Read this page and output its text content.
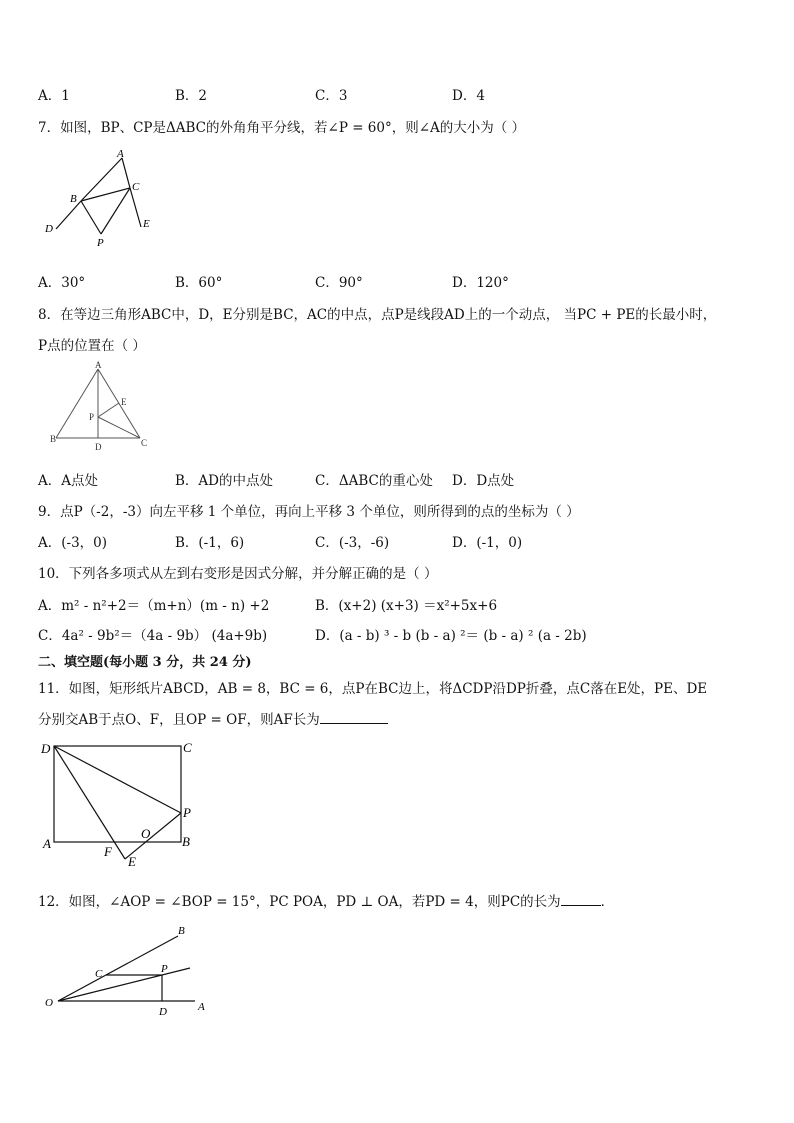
A．1	B．2	C．3	D．4
7．如图，BP、CP是ΔABC的外角角平分线，若∠P = 60°，则∠A的大小为（ ）
A
B
C
D	E
P
A．30°	B．60°	C．90°	D．120°
8．在等边三角形ABC中，D，E分别是BC，AC的中点，点P是线段AD上的一个动点， 当PC + PE的长最小时，
P点的位置在（ ）
A
B	C
D
E
P
A．A点处	B．AD的中点处	C．ΔABC的重心处 D．D点处
9．点P（-2，-3）向左平移 1 个单位，再向上平移 3 个单位，则所得到的点的坐标为（ ）
A．(-3，0)	B．(-1，6)	C．(-3，-6)	D．(-1，0)
10．下列各多项式从左到右变形是因式分解，并分解正确的是（ ）
A．m² - n²+2＝（m+n）(m - n) +2	B．(x+2) (x+3) ＝x²+5x+6
C．4a² - 9b²＝（4a - 9b） (4a+9b)	D．(a - b) ³ - b (b - a) ²＝ (b - a) ² (a - 2b)
二、填空题(每小题 3 分，共 24 分)
11．如图，矩形纸片ABCD，AB = 8，BC = 6，点P在BC边上，将ΔCDP沿DP折叠，点C落在E处，PE、DE
分别交AB于点O、F，且OP = OF，则AF长为
D	C
A	B
P
O
F
E
12．如图，∠AOP = ∠BOP = 15°，PC POA，PD ⊥ OA，若PD = 4，则PC的长为	．
O	A
B
C
D
P
